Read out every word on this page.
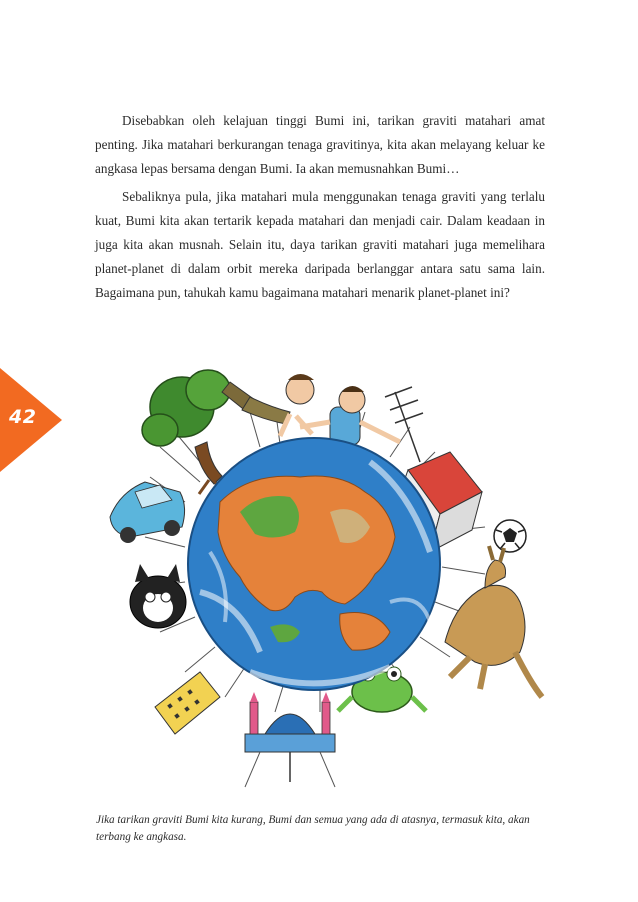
Disebabkan oleh kelajuan tinggi Bumi ini, tarikan graviti matahari amat penting. Jika matahari berkurangan tenaga gravitinya, kita akan melayang keluar ke angkasa lepas bersama dengan Bumi. Ia akan memusnahkan Bumi…

Sebaliknya pula, jika matahari mula menggunakan tenaga graviti yang terlalu kuat, Bumi kita akan tertarik kepada matahari dan menjadi cair. Dalam keadaan in juga kita akan musnah. Selain itu, daya tarikan graviti matahari juga memelihara planet-planet di dalam orbit mereka daripada berlanggar antara satu sama lain. Bagaimana pun, tahukah kamu bagaimana matahari menarik planet-planet ini?

42
Jika tarikan graviti Bumi kita kurang, Bumi dan semua yang ada di atasnya, termasuk kita, akan terbang ke angkasa.
